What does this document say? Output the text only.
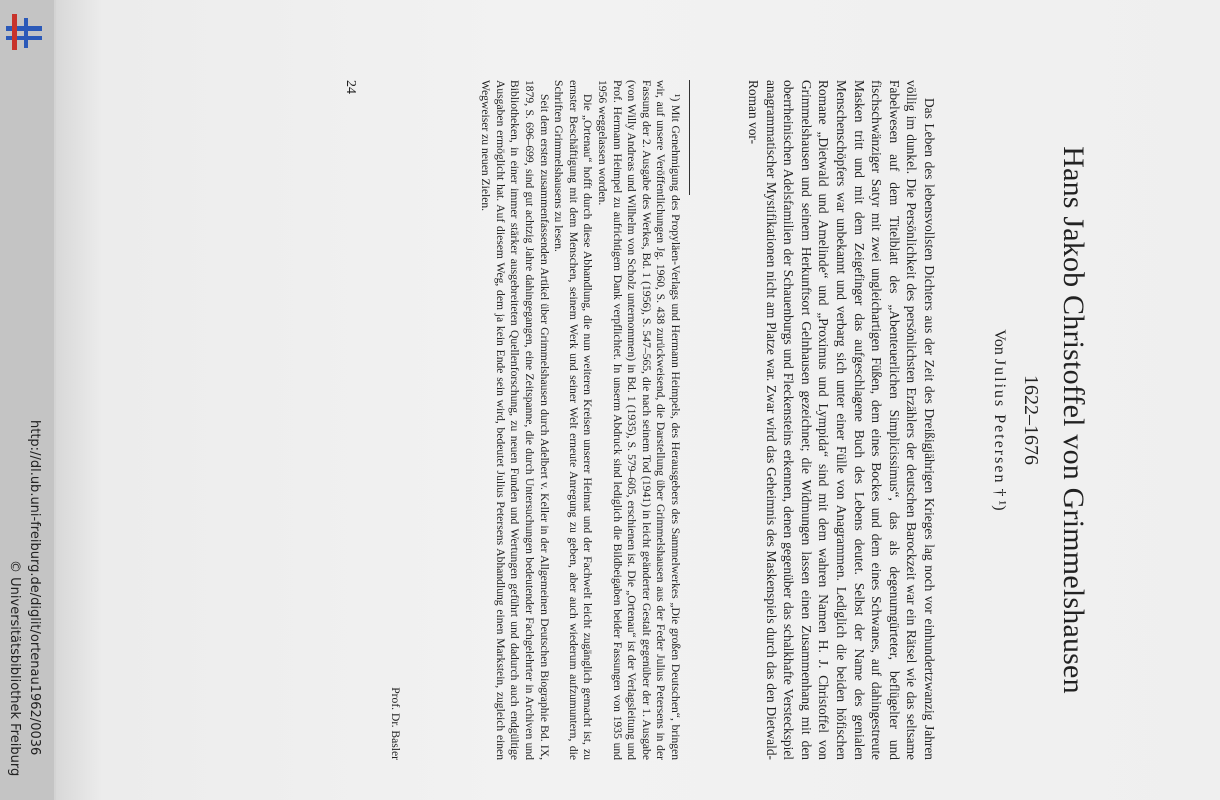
http://dl.ub.uni-freiburg.de/diglit/ortenau1962/0036
© Universitätsbibliothek Freiburg	Hans Jakob Christoffel von Grimmelshausen
1622–1676
Von Julius Petersen † ¹)

Das Leben des lebensvollsten Dichters aus der Zeit des Dreißigjährigen Krieges lag noch vor einhundertzwanzig Jahren völlig im dunkel. Die Persönlichkeit des persönlichsten Erzählers der deutschen Barockzeit war ein Rätsel wie das seltsame Fabelwesen auf dem Titelblatt des „Abenteuerlichen Simplicissimus“, das als degenumgürteter, beflügelter und fischschwänziger Satyr mit zwei ungleichartigen Füßen, dem eines Bockes und dem eines Schwanes, auf dahingestreute Masken tritt und mit dem Zeigefinger das aufgeschlagene Buch des Lebens deutet. Selbst der Name des genialen Menschenschöpfers war unbekannt und verbarg sich unter einer Fülle von Anagrammen. Lediglich die beiden höfischen Romane „Dietwald und Amelinde“ und „Proximus und Lympida“ sind mit dem wahren Namen H. J. Christoffel von Grimmelshausen und seinem Herkunftsort Gelnhausen gezeichnet; die Widmungen lassen einen Zusammenhang mit den oberrheinischen Adelsfamilien der Schauenburgs und Fleckensteins erkennen, denen gegenüber das schalkhafte Versteckspiel anagrammatischer Mystifikationen nicht am Platze war. Zwar wird das Geheimnis des Maskenspiels durch das den Dietwald-Roman vor-

¹) Mit Genehmigung des Propyläen-Verlags und Hermann Heimpels, des Herausgebers des Sammelwerkes „Die großen Deutschen“, bringen wir, auf unsere Veröffentlichungen Jg. 1960, S. 438 zurückweisend, die Darstellung über Grimmelshausen aus der Feder Julius Petersens in der Fassung der 2. Ausgabe des Werkes, Bd. 1 (1956), S. 547–565, die nach seinem Tod (1941) in leicht geänderter Gestalt gegenüber der 1. Ausgabe (von Willy Andreas und Wilhelm von Scholz unternommen) in Bd. 1 (1935), S. 579–605, erschienen ist. Die „Ortenau“ ist der Verlagsleitung und Prof. Hermann Heimpel zu aufrichtigem Dank verpflichtet. In unserm Abdruck sind lediglich die Bildbeigaben beider Fassungen von 1935 und 1956 weggelassen worden.

Die „Ortenau“ hofft durch diese Abhandlung, die nun weiteren Kreisen unserer Heimat und der Fachwelt leicht zugänglich gemacht ist, zu ernster Beschäftigung mit dem Menschen, seinem Werk und seiner Welt erneute Anregung zu geben, aber auch wiederum aufzumuntern, die Schriften Grimmelshausens zu lesen.

Seit dem ersten zusammenfassenden Artikel über Grimmelshausen durch Adelbert v. Keller in der Allgemeinen Deutschen Biographie Bd. IX, 1879, S. 696–699, sind gut achtzig Jahre dahingegangen, eine Zeitspanne, die durch Untersuchungen bedeutender Fachgelehrter in Archiven und Bibliotheken, in einer immer stärker ausgebreiteten Quellenforschung, zu neuen Funden und Wertungen geführt und dadurch auch endgültige Ausgaben ermöglicht hat. Auf diesem Weg, dem ja kein Ende sein wird, bedeutet Julius Petersens Abhandlung einen Markstein, zugleich einen Wegweiser zu neuen Zielen.

Prof. Dr. Basler
24
